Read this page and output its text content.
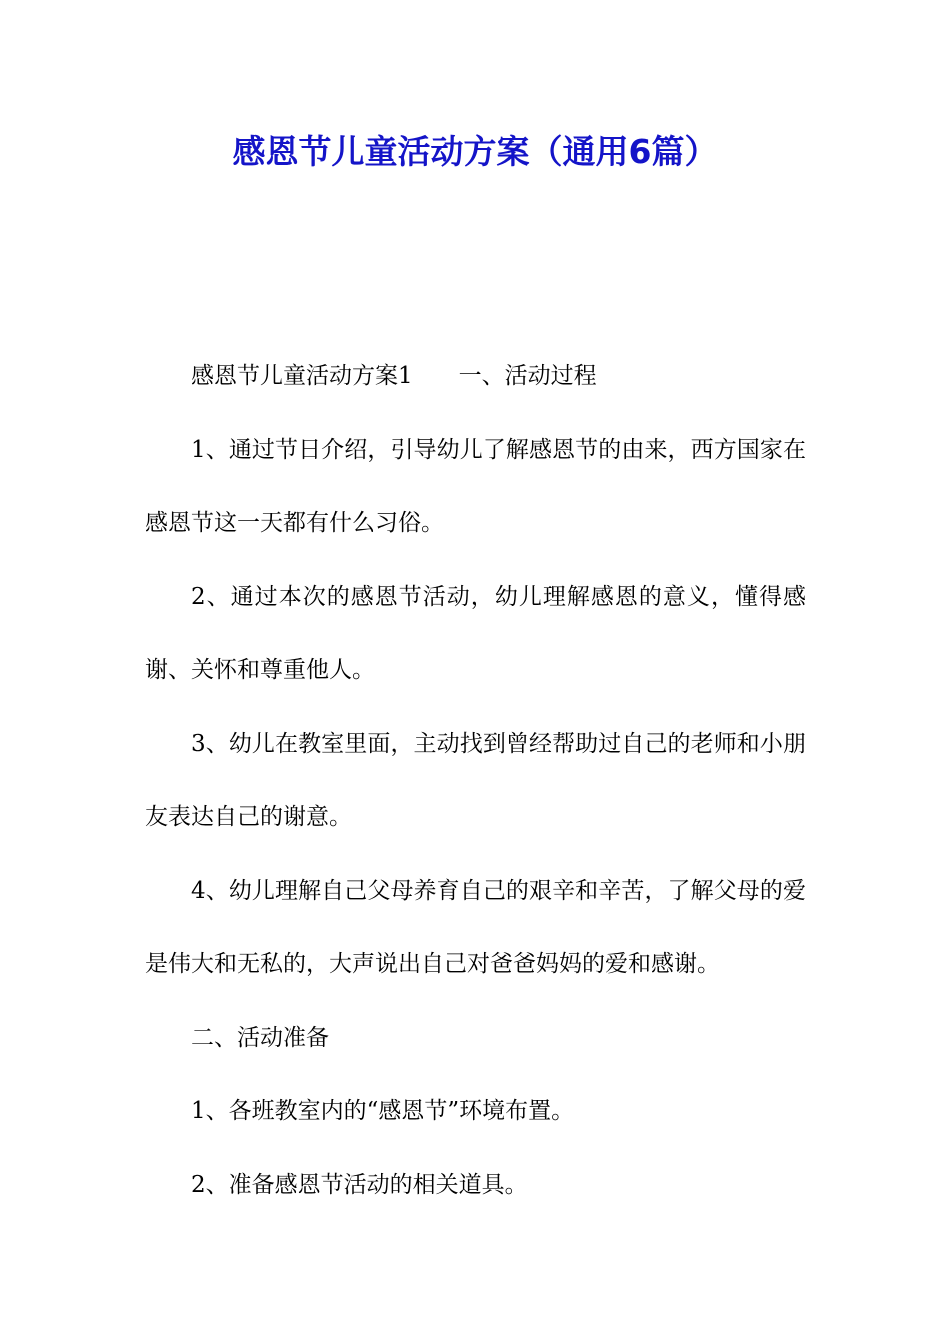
感恩节儿童活动方案（通用6篇）

感恩节儿童活动方案1 一、活动过程

1、通过节日介绍，引导幼儿了解感恩节的由来，西方国家在感恩节这一天都有什么习俗。

2、通过本次的感恩节活动，幼儿理解感恩的意义，懂得感谢、关怀和尊重他人。

3、幼儿在教室里面，主动找到曾经帮助过自己的老师和小朋友表达自己的谢意。

4、幼儿理解自己父母养育自己的艰辛和辛苦，了解父母的爱是伟大和无私的，大声说出自己对爸爸妈妈的爱和感谢。

二、活动准备

1、各班教室内的“感恩节”环境布置。

2、准备感恩节活动的相关道具。
